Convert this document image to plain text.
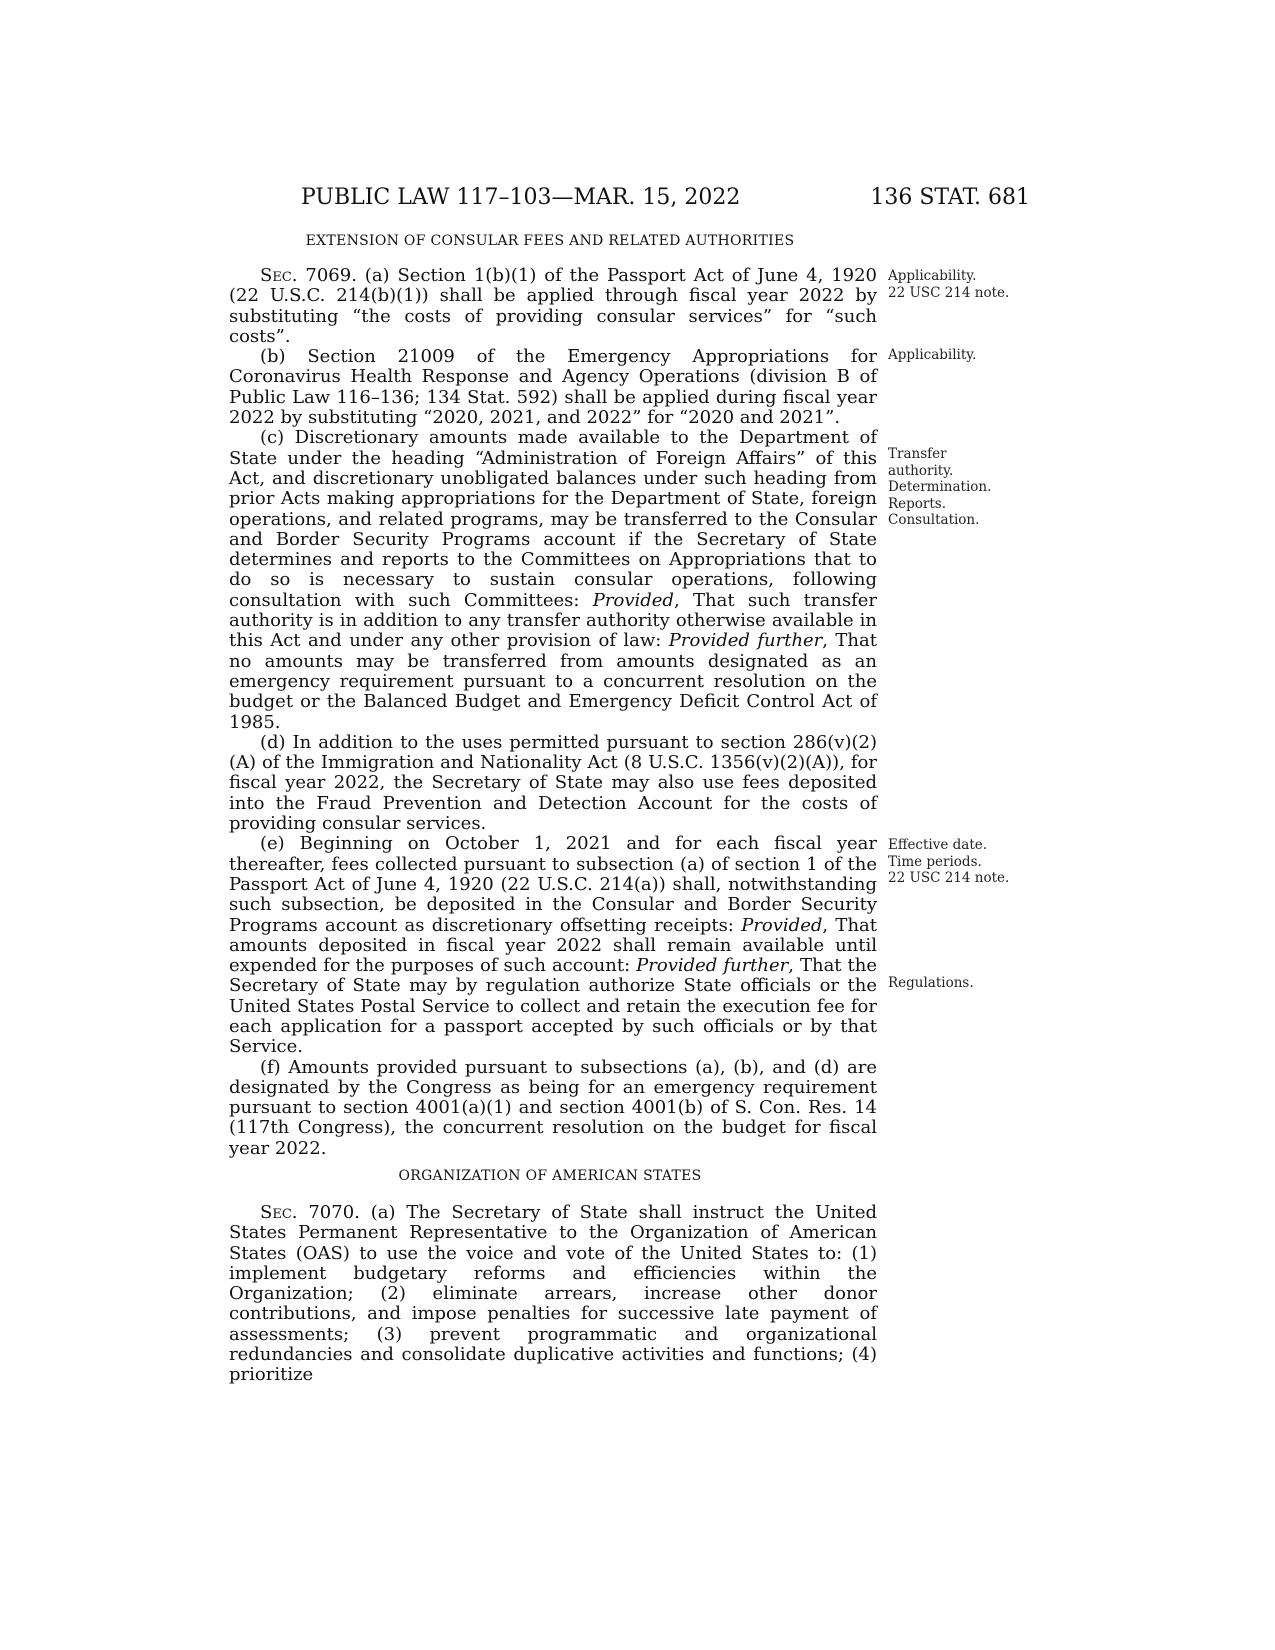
PUBLIC LAW 117–103—MAR. 15, 2022	136 STAT. 681
EXTENSION OF CONSULAR FEES AND RELATED AUTHORITIES

Sec. 7069. (a) Section 1(b)(1) of the Passport Act of June 4, 1920 (22 U.S.C. 214(b)(1)) shall be applied through fiscal year 2022 by substituting “the costs of providing consular services” for “such costs”.

(b) Section 21009 of the Emergency Appropriations for Coronavirus Health Response and Agency Operations (division B of Public Law 116–136; 134 Stat. 592) shall be applied during fiscal year 2022 by substituting “2020, 2021, and 2022” for “2020 and 2021”.

(c) Discretionary amounts made available to the Department of State under the heading “Administration of Foreign Affairs” of this Act, and discretionary unobligated balances under such heading from prior Acts making appropriations for the Department of State, foreign operations, and related programs, may be transferred to the Consular and Border Security Programs account if the Secretary of State determines and reports to the Committees on Appropriations that to do so is necessary to sustain consular operations, following consultation with such Committees: Provided, That such transfer authority is in addition to any transfer authority otherwise available in this Act and under any other provision of law: Provided further, That no amounts may be transferred from amounts designated as an emergency requirement pursuant to a concurrent resolution on the budget or the Balanced Budget and Emergency Deficit Control Act of 1985.

(d) In addition to the uses permitted pursuant to section 286(v)(2)(A) of the Immigration and Nationality Act (8 U.S.C. 1356(v)(2)(A)), for fiscal year 2022, the Secretary of State may also use fees deposited into the Fraud Prevention and Detection Account for the costs of providing consular services.

(e) Beginning on October 1, 2021 and for each fiscal year thereafter, fees collected pursuant to subsection (a) of section 1 of the Passport Act of June 4, 1920 (22 U.S.C. 214(a)) shall, notwithstanding such subsection, be deposited in the Consular and Border Security Programs account as discretionary offsetting receipts: Provided, That amounts deposited in fiscal year 2022 shall remain available until expended for the purposes of such account: Provided further, That the Secretary of State may by regulation authorize State officials or the United States Postal Service to collect and retain the execution fee for each application for a passport accepted by such officials or by that Service.

(f) Amounts provided pursuant to subsections (a), (b), and (d) are designated by the Congress as being for an emergency requirement pursuant to section 4001(a)(1) and section 4001(b) of S. Con. Res. 14 (117th Congress), the concurrent resolution on the budget for fiscal year 2022.

ORGANIZATION OF AMERICAN STATES

Sec. 7070. (a) The Secretary of State shall instruct the United States Permanent Representative to the Organization of American States (OAS) to use the voice and vote of the United States to: (1) implement budgetary reforms and efficiencies within the Organization; (2) eliminate arrears, increase other donor contributions, and impose penalties for successive late payment of assessments; (3) prevent programmatic and organizational redundancies and consolidate duplicative activities and functions; (4) prioritize

Applicability.
22 USC 214 note.
Applicability.
Transfer
authority.
Determination.
Reports.
Consultation.
Effective date.
Time periods.
22 USC 214 note.
Regulations.
